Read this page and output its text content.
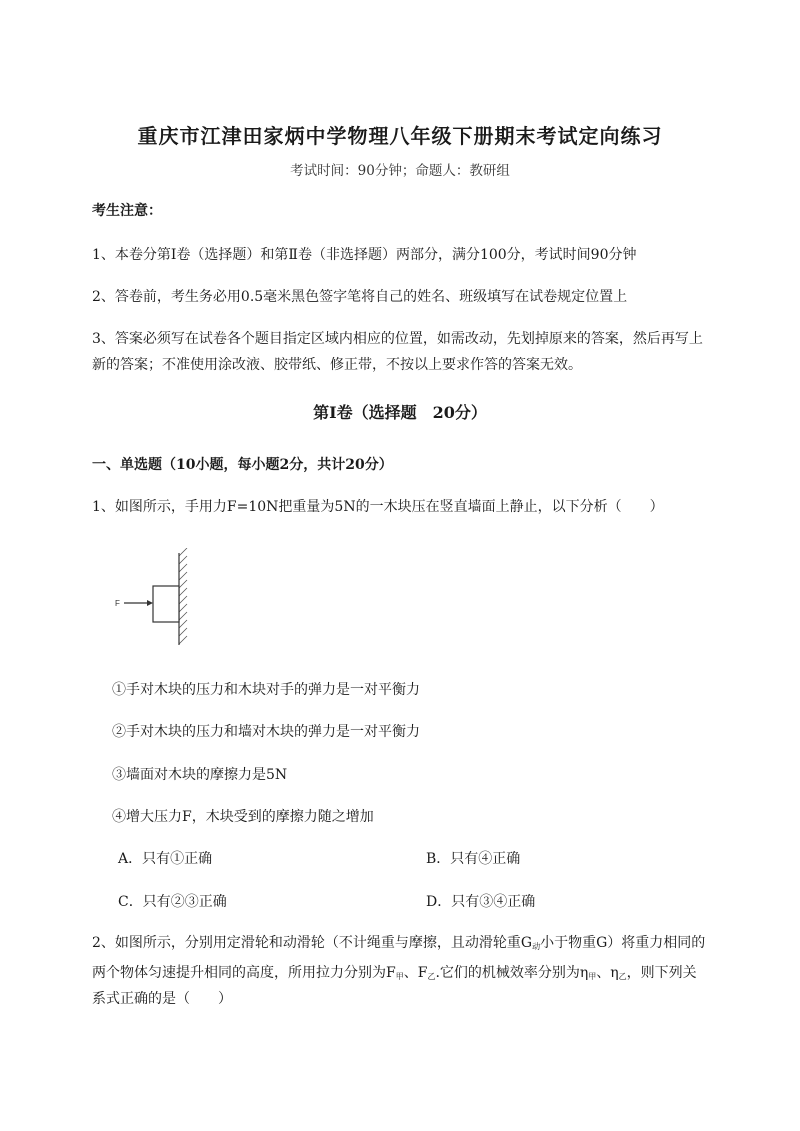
重庆市江津田家炳中学物理八年级下册期末考试定向练习
考试时间：90分钟；命题人：教研组
考生注意：
1、本卷分第Ⅰ卷（选择题）和第Ⅱ卷（非选择题）两部分，满分100分，考试时间90分钟
2、答卷前，考生务必用0.5毫米黑色签字笔将自己的姓名、班级填写在试卷规定位置上
3、答案必须写在试卷各个题目指定区域内相应的位置，如需改动，先划掉原来的答案，然后再写上新的答案；不准使用涂改液、胶带纸、修正带，不按以上要求作答的答案无效。
第Ⅰ卷（选择题　20分）
一、单选题（10小题，每小题2分，共计20分）
1、如图所示，手用力F=10N把重量为5N的一木块压在竖直墙面上静止，以下分析（　　）
F
①手对木块的压力和木块对手的弹力是一对平衡力
②手对木块的压力和墙对木块的弹力是一对平衡力
③墙面对木块的摩擦力是5N
④增大压力F，木块受到的摩擦力随之增加
A．只有①正确	B．只有④正确
C．只有②③正确	D．只有③④正确
2、如图所示，分别用定滑轮和动滑轮（不计绳重与摩擦，且动滑轮重$G_动$小于物重G）将重力相同的
两个物体匀速提升相同的高度，所用拉力分别为$F_甲$、$F_乙$.它们的机械效率分别为$\eta_甲$、$\eta_乙$，则下列关
系式正确的是（　　）
